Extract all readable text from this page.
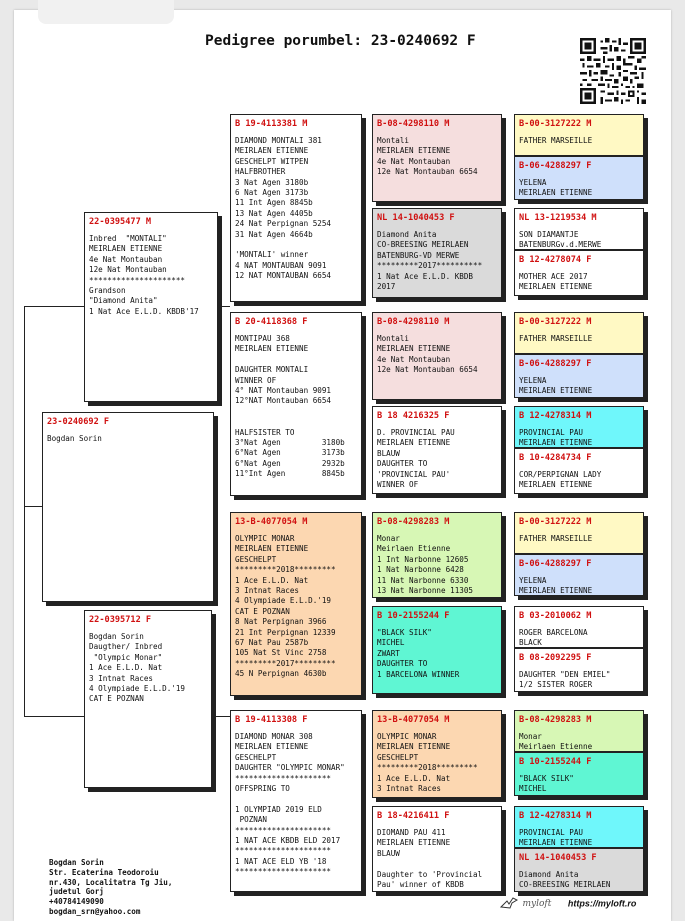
Pedigree porumbel: 23-0240692 F
23-0240692 F
Bogdan Sorin
22-0395477 M
Inbred  "MONTALI"
MEIRLAEN ETIENNE
4e Nat Montauban
12e Nat Montauban
*********************
Grandson
"Diamond Anita"
1 Nat Ace E.L.D. KBDB'17
22-0395712 F
Bogdan Sorin
Daugther/ Inbred
"Olympic Monar"
1 Ace E.L.D. Nat
3 Intnat Races
4 Olympiade E.L.D.'19
CAT E POZNAN
B 19-4113381 M
DIAMOND MONTALI 381
MEIRLAEN ETIENNE
GESCHELPT WITPEN
HALFBROTHER
3 Nat Agen 3180b
6 Nat Agen 3173b
11 Int Agen 8845b
13 Nat Agen 4405b
24 Nat Perpignan 5254
31 Nat Agen 4664b

'MONTALI' winner
4 NAT MONTAUBAN 9091
12 NAT MONTAUBAN 6654
B 20-4118368 F
MONTIPAU 368
MEIRLAEN ETIENNE

DAUGHTER MONTALI
WINNER OF
4° NAT Montauban 9091
12°NAT Montauban 6654

HALFSISTER TO
3°Nat Agen         3180b
6°Nat Agen         3173b
6°Nat Agen         2932b
11°Int Agen        8845b
13-B-4077054 M
OLYMPIC MONAR
MEIRLAEN ETIENNE
GESCHELPT
*********2018*********
1 Ace E.L.D. Nat
3 Intnat Races
4 Olympiade E.L.D.'19
CAT E POZNAN
8 Nat Perpignan 3966
21 Int Perpignan 12339
67 Nat Pau 2587b
105 Nat St Vinc 2758
*********2017*********
45 N Perpignan 4630b
B 19-4113308 F
DIAMOND MONAR 308
MEIRLAEN ETIENNE
GESCHELPT
DAUGHTER "OLYMPIC MONAR"
*********************
OFFSPRING TO

1 OLYMPIAD 2019 ELD
POZNAN
*********************
1 NAT ACE KBDB ELD 2017
*********************
1 NAT ACE ELD YB '18
*********************
B-08-4298110 M
Montali
MEIRLAEN ETIENNE
4e Nat Montauban
12e Nat Montauban 6654
NL 14-1040453 F
Diamond Anita
CO-BREESING MEIRLAEN
BATENBURG-VD MERWE
*********2017**********
1 Nat Ace E.L.D. KBDB
2017
B-08-4298110 M
Montali
MEIRLAEN ETIENNE
4e Nat Montauban
12e Nat Montauban 6654
B 18 4216325 F
D. PROVINCIAL PAU
MEIRLAEN ETIENNE
BLAUW
DAUGHTER TO
'PROVINCIAL PAU'
WINNER OF
B-08-4298283 M
Monar
Meirlaen Etienne
1 Int Narbonne 12605
1 Nat Narbonne 6428
11 Nat Narbonne 6330
13 Nat Narbonne 11305
B 10-2155244 F
"BLACK SILK"
MICHEL
ZWART
DAUGHTER TO
1 BARCELONA WINNER
13-B-4077054 M
OLYMPIC MONAR
MEIRLAEN ETIENNE
GESCHELPT
*********2018*********
1 Ace E.L.D. Nat
3 Intnat Races
B 18-4216411 F
DIOMAND PAU 411
MEIRLAEN ETIENNE
BLAUW

Daughter to 'Provincial
Pau' winner of KBDB
B-00-3127222 M
FATHER MARSEILLE
B-06-4288297 F
YELENA
MEIRLAEN ETIENNE
NL 13-1219534 M
SON DIAMANTJE
BATENBURGv.d.MERWE
B 12-4278074 F
MOTHER ACE 2017
MEIRLAEN ETIENNE
B-00-3127222 M
FATHER MARSEILLE
B-06-4288297 F
YELENA
MEIRLAEN ETIENNE
B 12-4278314 M
PROVINCIAL PAU
MEIRLAEN ETIENNE
B 10-4284734 F
COR/PERPIGNAN LADY
MEIRLAEN ETIENNE
B-00-3127222 M
FATHER MARSEILLE
B-06-4288297 F
YELENA
MEIRLAEN ETIENNE
B 03-2010062 M
ROGER BARCELONA
BLACK
B 08-2092295 F
DAUGHTER "DEN EMIEL"
1/2 SISTER ROGER
B-08-4298283 M
Monar
Meirlaen Etienne
B 10-2155244 F
"BLACK SILK"
MICHEL
B 12-4278314 M
PROVINCIAL PAU
MEIRLAEN ETIENNE
NL 14-1040453 F
Diamond Anita
CO-BREESING MEIRLAEN
Bogdan Sorin
Str. Ecaterina Teodoroiu
nr.430, Localitatra Tg Jiu,
judetul Gorj
+40784149090
bogdan_srn@yahoo.com
myloft https://myloft.ro
